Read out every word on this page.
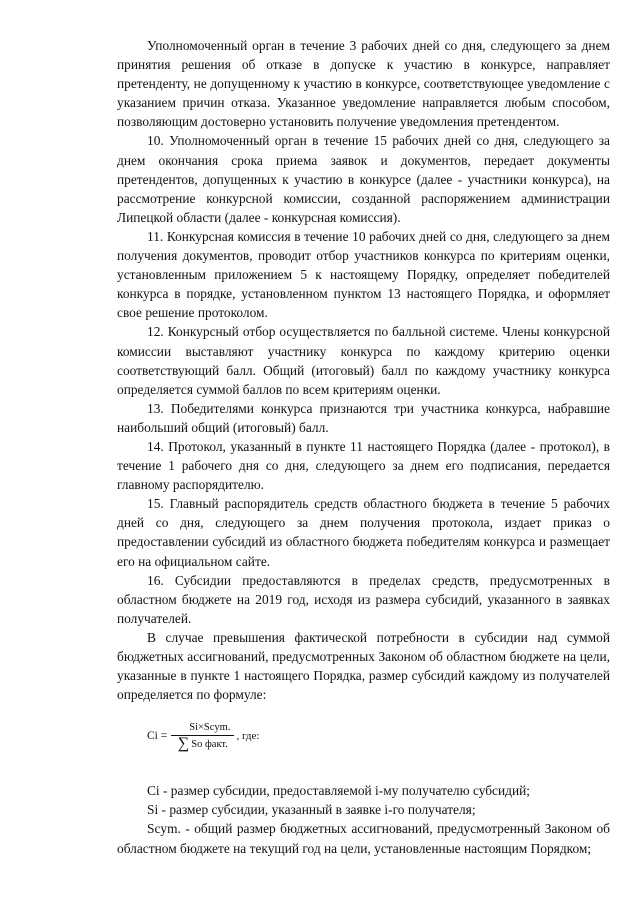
Уполномоченный орган в течение 3 рабочих дней со дня, следующего за днем принятия решения об отказе в допуске к участию в конкурсе, направляет претенденту, не допущенному к участию в конкурсе, соответствующее уведомление с указанием причин отказа. Указанное уведомление направляется любым способом, позволяющим достоверно установить получение уведомления претендентом.

10. Уполномоченный орган в течение 15 рабочих дней со дня, следующего за днем окончания срока приема заявок и документов, передает документы претендентов, допущенных к участию в конкурсе (далее - участники конкурса), на рассмотрение конкурсной комиссии, созданной распоряжением администрации Липецкой области (далее - конкурсная комиссия).

11. Конкурсная комиссия в течение 10 рабочих дней со дня, следующего за днем получения документов, проводит отбор участников конкурса по критериям оценки, установленным приложением 5 к настоящему Порядку, определяет победителей конкурса в порядке, установленном пунктом 13 настоящего Порядка, и оформляет свое решение протоколом.

12. Конкурсный отбор осуществляется по балльной системе. Члены конкурсной комиссии выставляют участнику конкурса по каждому критерию оценки соответствующий балл. Общий (итоговый) балл по каждому участнику конкурса определяется суммой баллов по всем критериям оценки.

13. Победителями конкурса признаются три участника конкурса, набравшие наибольший общий (итоговый) балл.

14. Протокол, указанный в пункте 11 настоящего Порядка (далее - протокол), в течение 1 рабочего дня со дня, следующего за днем его подписания, передается главному распорядителю.

15. Главный распорядитель средств областного бюджета в течение 5 рабочих дней со дня, следующего за днем получения протокола, издает приказ о предоставлении субсидий из областного бюджета победителям конкурса и размещает его на официальном сайте.

16. Субсидии предоставляются в пределах средств, предусмотренных в областном бюджете на 2019 год, исходя из размера субсидий, указанного в заявках получателей.

В случае превышения фактической потребности в субсидии над суммой бюджетных ассигнований, предусмотренных Законом об областном бюджете на цели, указанные в пункте 1 настоящего Порядка, размер субсидий каждому из получателей определяется по формуле:

$Ci = \frac{\text{Si×Scym.}}{\text{∑ So факт.}}$ , где:

Ci - размер субсидии, предоставляемой i-му получателю субсидий;

Si - размер субсидии, указанный в заявке i-го получателя;

Scym. - общий размер бюджетных ассигнований, предусмотренный Законом об областном бюджете на текущий год на цели, установленные настоящим Порядком;
